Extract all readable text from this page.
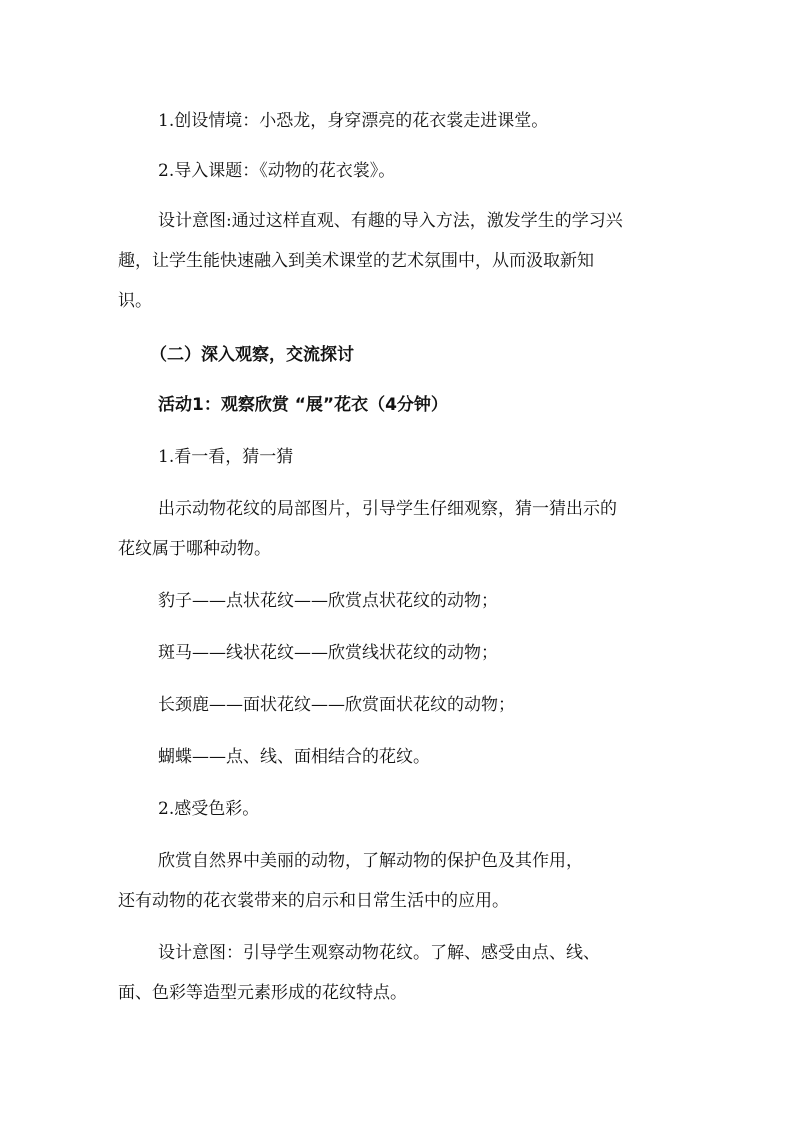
1.创设情境：小恐龙，身穿漂亮的花衣裳走进课堂。
2.导入课题：《动物的花衣裳》。
设计意图:通过这样直观、有趣的导入方法，激发学生的学习兴
趣，让学生能快速融入到美术课堂的艺术氛围中，从而汲取新知
识。
（二）深入观察，交流探讨
活动1：观察欣赏 “展”花衣（4分钟）
1.看一看，猜一猜
出示动物花纹的局部图片，引导学生仔细观察，猜一猜出示的
花纹属于哪种动物。
豹子——点状花纹——欣赏点状花纹的动物；
斑马——线状花纹——欣赏线状花纹的动物；
长颈鹿——面状花纹——欣赏面状花纹的动物；
蝴蝶——点、线、面相结合的花纹。
2.感受色彩。
欣赏自然界中美丽的动物，了解动物的保护色及其作用，
还有动物的花衣裳带来的启示和日常生活中的应用。
设计意图：引导学生观察动物花纹。了解、感受由点、线、
面、色彩等造型元素形成的花纹特点。
